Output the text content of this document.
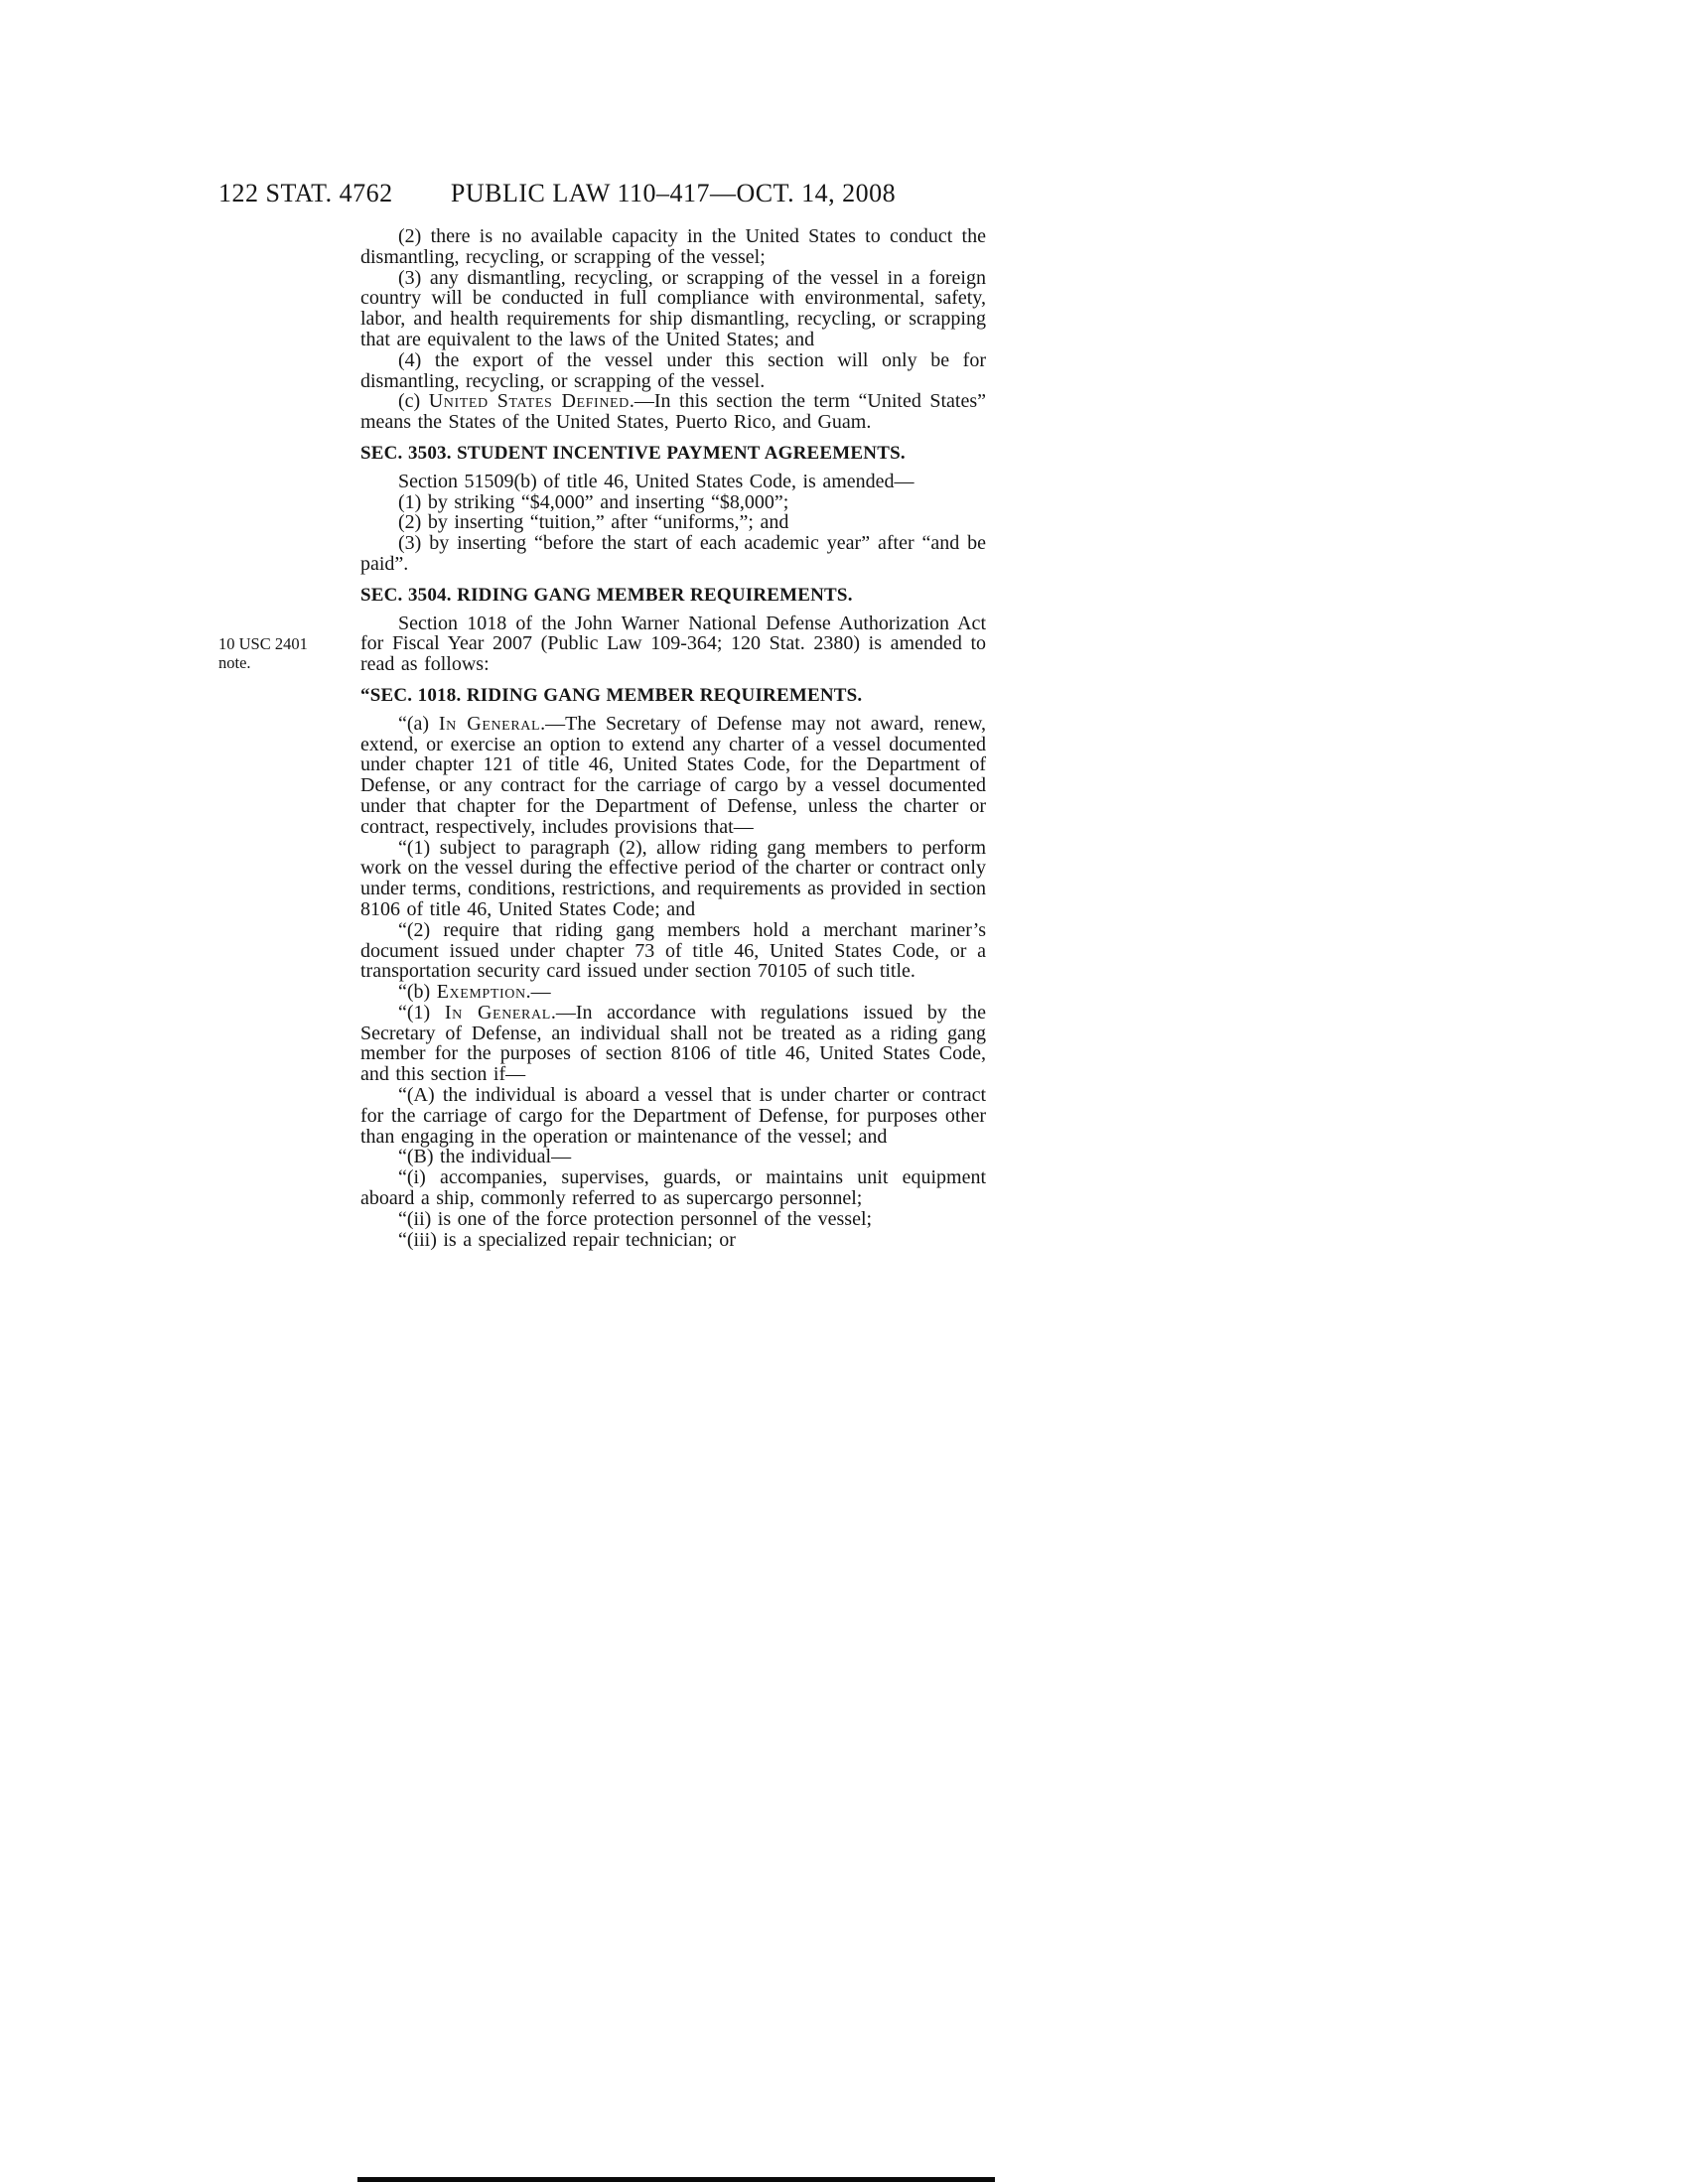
122 STAT. 4762	PUBLIC LAW 110–417—OCT. 14, 2008

(2) there is no available capacity in the United States to conduct the dismantling, recycling, or scrapping of the vessel;

(3) any dismantling, recycling, or scrapping of the vessel in a foreign country will be conducted in full compliance with environmental, safety, labor, and health requirements for ship dismantling, recycling, or scrapping that are equivalent to the laws of the United States; and

(4) the export of the vessel under this section will only be for dismantling, recycling, or scrapping of the vessel.

(c) United States Defined.—In this section the term “United States” means the States of the United States, Puerto Rico, and Guam.

SEC. 3503. STUDENT INCENTIVE PAYMENT AGREEMENTS.

Section 51509(b) of title 46, United States Code, is amended—

(1) by striking “$4,000” and inserting “$8,000”;

(2) by inserting “tuition,” after “uniforms,”; and

(3) by inserting “before the start of each academic year” after “and be paid”.

SEC. 3504. RIDING GANG MEMBER REQUIREMENTS.

10 USC 2401
note.
Section 1018 of the John Warner National Defense Authorization Act for Fiscal Year 2007 (Public Law 109-364; 120 Stat. 2380) is amended to read as follows:

“SEC. 1018. RIDING GANG MEMBER REQUIREMENTS.

“(a) In General.—The Secretary of Defense may not award, renew, extend, or exercise an option to extend any charter of a vessel documented under chapter 121 of title 46, United States Code, for the Department of Defense, or any contract for the carriage of cargo by a vessel documented under that chapter for the Department of Defense, unless the charter or contract, respectively, includes provisions that—

“(1) subject to paragraph (2), allow riding gang members to perform work on the vessel during the effective period of the charter or contract only under terms, conditions, restrictions, and requirements as provided in section 8106 of title 46, United States Code; and

“(2) require that riding gang members hold a merchant mariner’s document issued under chapter 73 of title 46, United States Code, or a transportation security card issued under section 70105 of such title.

“(b) Exemption.—

“(1) In General.—In accordance with regulations issued by the Secretary of Defense, an individual shall not be treated as a riding gang member for the purposes of section 8106 of title 46, United States Code, and this section if—

“(A) the individual is aboard a vessel that is under charter or contract for the carriage of cargo for the Department of Defense, for purposes other than engaging in the operation or maintenance of the vessel; and

“(B) the individual—

“(i) accompanies, supervises, guards, or maintains unit equipment aboard a ship, commonly referred to as supercargo personnel;

“(ii) is one of the force protection personnel of the vessel;

“(iii) is a specialized repair technician; or
